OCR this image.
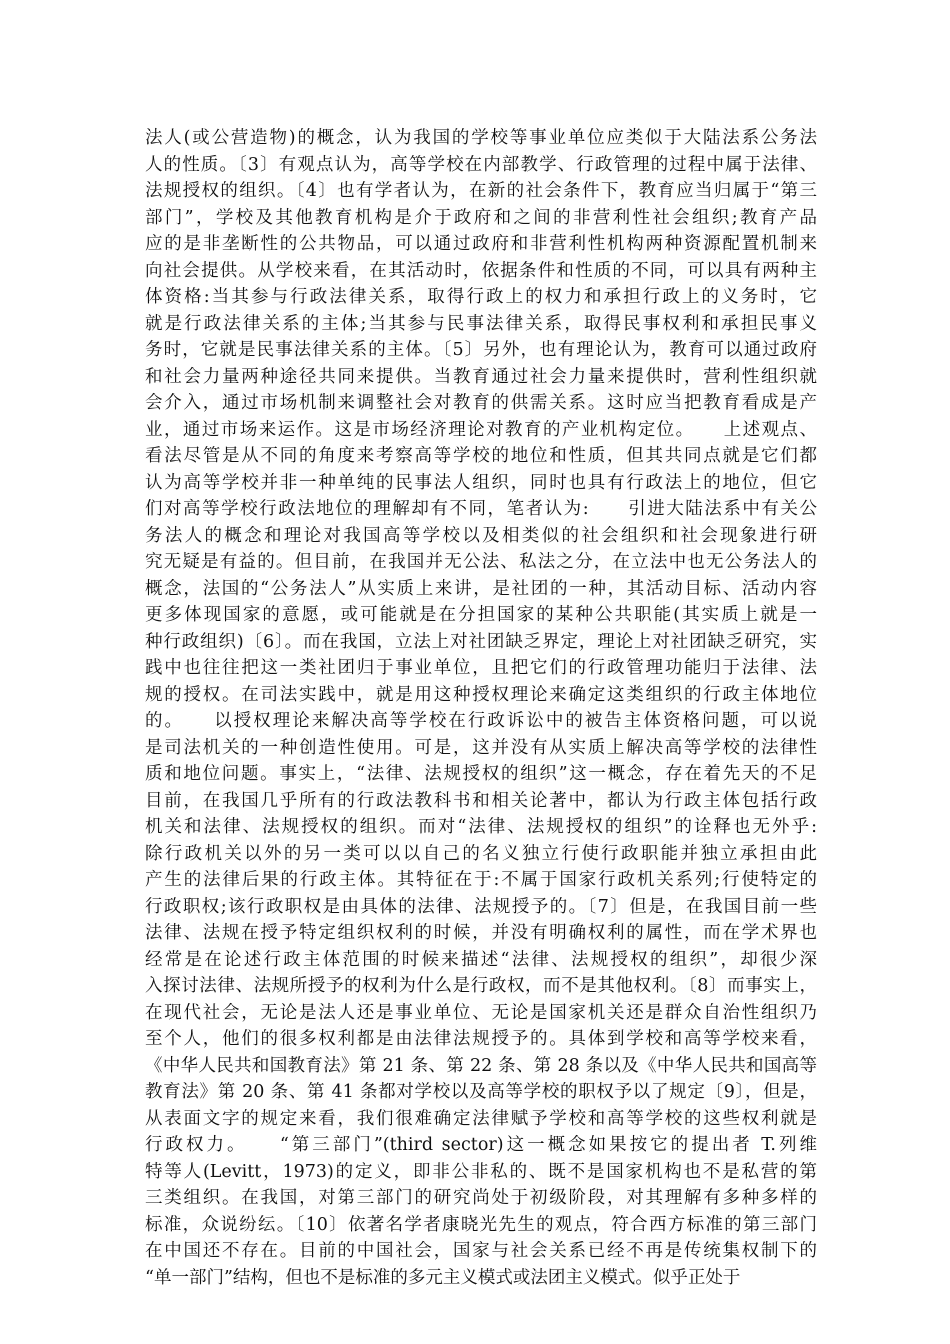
法人(或公营造物)的概念，认为我国的学校等事业单位应类似于大陆法系公务法
人的性质。〔3〕有观点认为，高等学校在内部教学、行政管理的过程中属于法律、
法规授权的组织。〔4〕也有学者认为，在新的社会条件下，教育应当归属于“第三
部门”，学校及其他教育机构是介于政府和之间的非营利性社会组织;教育产品
应的是非垄断性的公共物品，可以通过政府和非营利性机构两种资源配置机制来
向社会提供。从学校来看，在其活动时，依据条件和性质的不同，可以具有两种主
体资格:当其参与行政法律关系，取得行政上的权力和承担行政上的义务时，它
就是行政法律关系的主体;当其参与民事法律关系，取得民事权利和承担民事义
务时，它就是民事法律关系的主体。〔5〕另外，也有理论认为，教育可以通过政府
和社会力量两种途径共同来提供。当教育通过社会力量来提供时，营利性组织就
会介入，通过市场机制来调整社会对教育的供需关系。这时应当把教育看成是产
业，通过市场来运作。这是市场经济理论对教育的产业机构定位。　　上述观点、
看法尽管是从不同的角度来考察高等学校的地位和性质，但其共同点就是它们都
认为高等学校并非一种单纯的民事法人组织，同时也具有行政法上的地位，但它
们对高等学校行政法地位的理解却有不同，笔者认为:　　引进大陆法系中有关公
务法人的概念和理论对我国高等学校以及相类似的社会组织和社会现象进行研
究无疑是有益的。但目前，在我国并无公法、私法之分，在立法中也无公务法人的
概念，法国的“公务法人”从实质上来讲，是社团的一种，其活动目标、活动内容
更多体现国家的意愿，或可能就是在分担国家的某种公共职能(其实质上就是一
种行政组织)〔6〕。而在我国，立法上对社团缺乏界定，理论上对社团缺乏研究，实
践中也往往把这一类社团归于事业单位，且把它们的行政管理功能归于法律、法
规的授权。在司法实践中，就是用这种授权理论来确定这类组织的行政主体地位
的。　　以授权理论来解决高等学校在行政诉讼中的被告主体资格问题，可以说
是司法机关的一种创造性使用。可是，这并没有从实质上解决高等学校的法律性
质和地位问题。事实上，“法律、法规授权的组织”这一概念，存在着先天的不足
目前，在我国几乎所有的行政法教科书和相关论著中，都认为行政主体包括行政
机关和法律、法规授权的组织。而对“法律、法规授权的组织”的诠释也无外乎:
除行政机关以外的另一类可以以自己的名义独立行使行政职能并独立承担由此
产生的法律后果的行政主体。其特征在于:不属于国家行政机关系列;行使特定的
行政职权;该行政职权是由具体的法律、法规授予的。〔7〕但是，在我国目前一些
法律、法规在授予特定组织权利的时候，并没有明确权利的属性，而在学术界也
经常是在论述行政主体范围的时候来描述“法律、法规授权的组织”，却很少深
入探讨法律、法规所授予的权利为什么是行政权，而不是其他权利。〔8〕而事实上，
在现代社会，无论是法人还是事业单位、无论是国家机关还是群众自治性组织乃
至个人，他们的很多权利都是由法律法规授予的。具体到学校和高等学校来看，
《中华人民共和国教育法》第 21 条、第 22 条、第 28 条以及《中华人民共和国高等
教育法》第 20 条、第 41 条都对学校以及高等学校的职权予以了规定〔9〕，但是，
从表面文字的规定来看，我们很难确定法律赋予学校和高等学校的这些权利就是
行政权力。　　“第三部门”(third sector)这一概念如果按它的提出者 T.列维
特等人(Levitt，1973)的定义，即非公非私的、既不是国家机构也不是私营的第
三类组织。在我国，对第三部门的研究尚处于初级阶段，对其理解有多种多样的
标准，众说纷纭。〔10〕依著名学者康晓光先生的观点，符合西方标准的第三部门
在中国还不存在。目前的中国社会，国家与社会关系已经不再是传统集权制下的
“单一部门”结构，但也不是标准的多元主义模式或法团主义模式。似乎正处于
